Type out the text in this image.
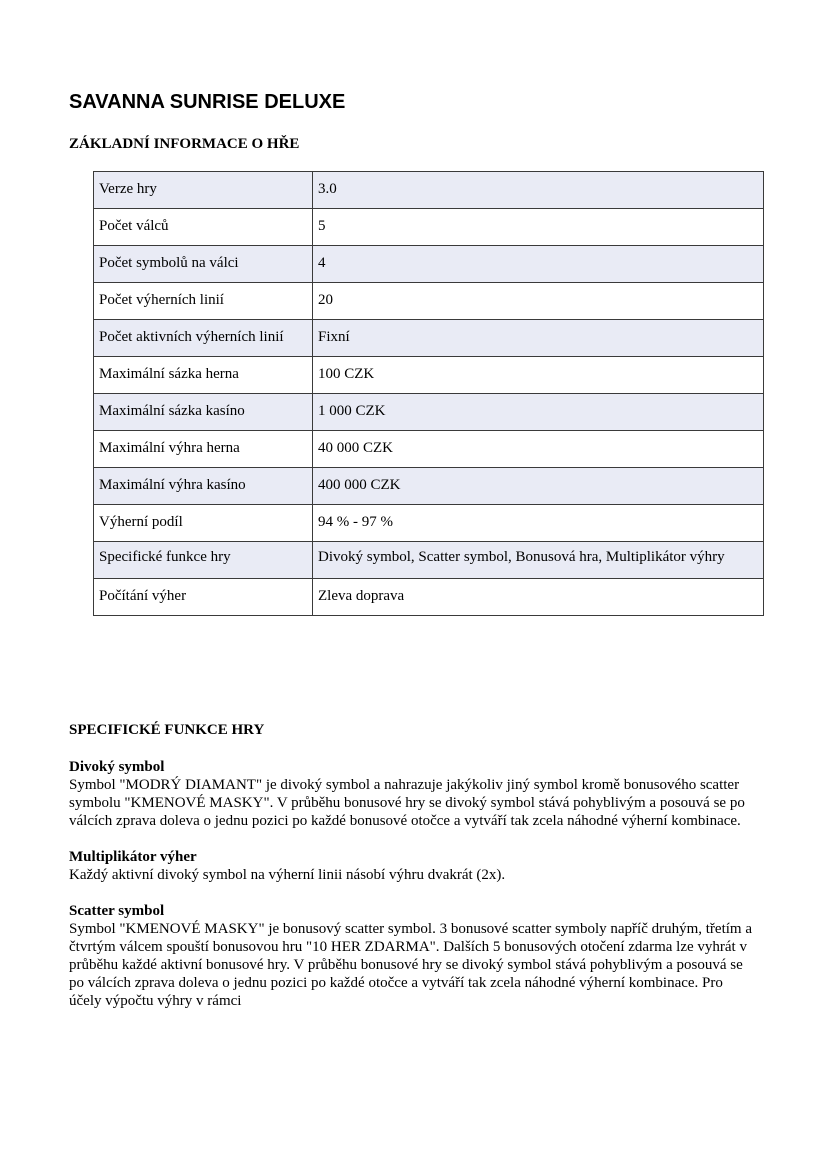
SAVANNA SUNRISE DELUXE
ZÁKLADNÍ INFORMACE O HŘE
Verze hry	3.0
Počet válců	5
Počet symbolů na válci	4
Počet výherních linií	20
Počet aktivních výherních linií	Fixní
Maximální sázka herna	100 CZK
Maximální sázka kasíno	1 000 CZK
Maximální výhra herna	40 000 CZK
Maximální výhra kasíno	400 000 CZK
Výherní podíl	94 % - 97 %
Specifické funkce hry	Divoký symbol, Scatter symbol, Bonusová hra, Multiplikátor výhry
Počítání výher	Zleva doprava
SPECIFICKÉ FUNKCE HRY

Divoký symbol
Symbol "MODRÝ DIAMANT" je divoký symbol a nahrazuje jakýkoliv jiný symbol kromě bonusového scatter symbolu "KMENOVÉ MASKY". V průběhu bonusové hry se divoký symbol stává pohyblivým a posouvá se po válcích zprava doleva o jednu pozici po každé bonusové otočce a vytváří tak zcela náhodné výherní kombinace.

Multiplikátor výher
Každý aktivní divoký symbol na výherní linii násobí výhru dvakrát (2x).

Scatter symbol
Symbol "KMENOVÉ MASKY" je bonusový scatter symbol. 3 bonusové scatter symboly napříč druhým, třetím a čtvrtým válcem spouští bonusovou hru "10 HER ZDARMA". Dalších 5 bonusových otočení zdarma lze vyhrát v průběhu každé aktivní bonusové hry. V průběhu bonusové hry se divoký symbol stává pohyblivým a posouvá se po válcích zprava doleva o jednu pozici po každé otočce a vytváří tak zcela náhodné výherní kombinace. Pro účely výpočtu výhry v rámci
